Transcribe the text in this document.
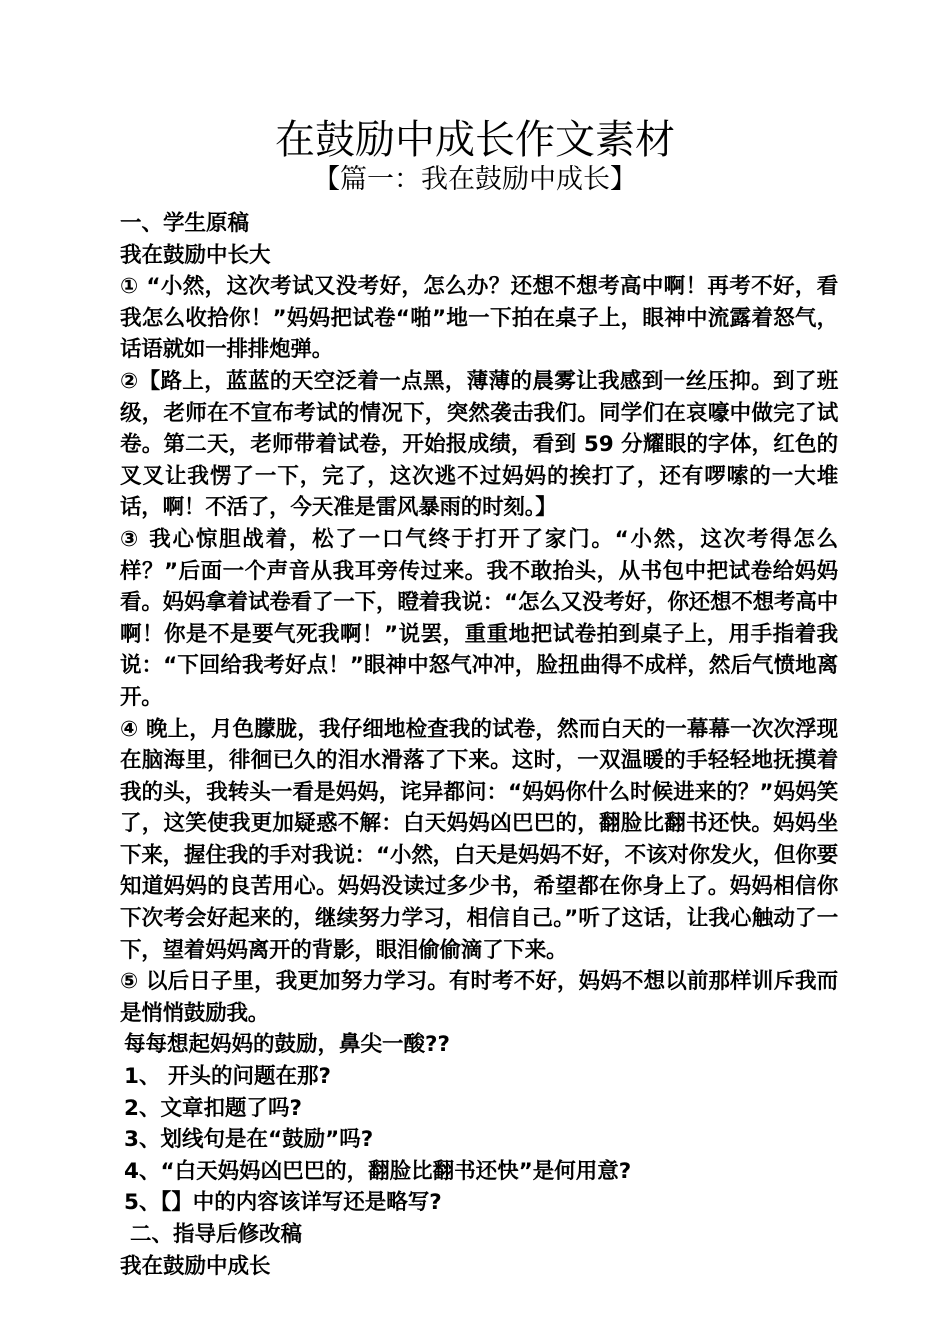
在鼓励中成长作文素材
【篇一：我在鼓励中成长】

一、学生原稿

我在鼓励中长大

① “小然，这次考试又没考好，怎么办？还想不想考高中啊！再考不好，看我怎么收拾你！”妈妈把试卷“啪”地一下拍在桌子上，眼神中流露着怒气，话语就如一排排炮弹。

②【路上，蓝蓝的天空泛着一点黑，薄薄的晨雾让我感到一丝压抑。到了班级，老师在不宣布考试的情况下，突然袭击我们。同学们在哀嚎中做完了试卷。第二天，老师带着试卷，开始报成绩，看到 59 分耀眼的字体，红色的叉叉让我愣了一下，完了，这次逃不过妈妈的挨打了，还有啰嗦的一大堆话，啊！不活了，今天准是雷风暴雨的时刻。】

③ 我心惊胆战着，松了一口气终于打开了家门。“小然，这次考得怎么样？”后面一个声音从我耳旁传过来。我不敢抬头，从书包中把试卷给妈妈看。妈妈拿着试卷看了一下，瞪着我说：“怎么又没考好，你还想不想考高中啊！你是不是要气死我啊！”说罢，重重地把试卷拍到桌子上，用手指着我说：“下回给我考好点！”眼神中怒气冲冲，脸扭曲得不成样，然后气愤地离开。

④ 晚上，月色朦胧，我仔细地检查我的试卷，然而白天的一幕幕一次次浮现在脑海里，徘徊已久的泪水滑落了下来。这时，一双温暖的手轻轻地抚摸着我的头，我转头一看是妈妈，诧异都问：“妈妈你什么时候进来的？”妈妈笑了，这笑使我更加疑惑不解：白天妈妈凶巴巴的，翻脸比翻书还快。妈妈坐下来，握住我的手对我说：“小然，白天是妈妈不好，不该对你发火，但你要知道妈妈的良苦用心。妈妈没读过多少书，希望都在你身上了。妈妈相信你下次考会好起来的，继续努力学习，相信自己。”听了这话，让我心触动了一下，望着妈妈离开的背影，眼泪偷偷滴了下来。

⑤ 以后日子里，我更加努力学习。有时考不好，妈妈不想以前那样训斥我而是悄悄鼓励我。

每每想起妈妈的鼓励，鼻尖一酸??

1、 开头的问题在那?

2、文章扣题了吗?

3、划线句是在“鼓励”吗?

4、“白天妈妈凶巴巴的，翻脸比翻书还快”是何用意?

5、【】中的内容该详写还是略写?

二、指导后修改稿

我在鼓励中成长
